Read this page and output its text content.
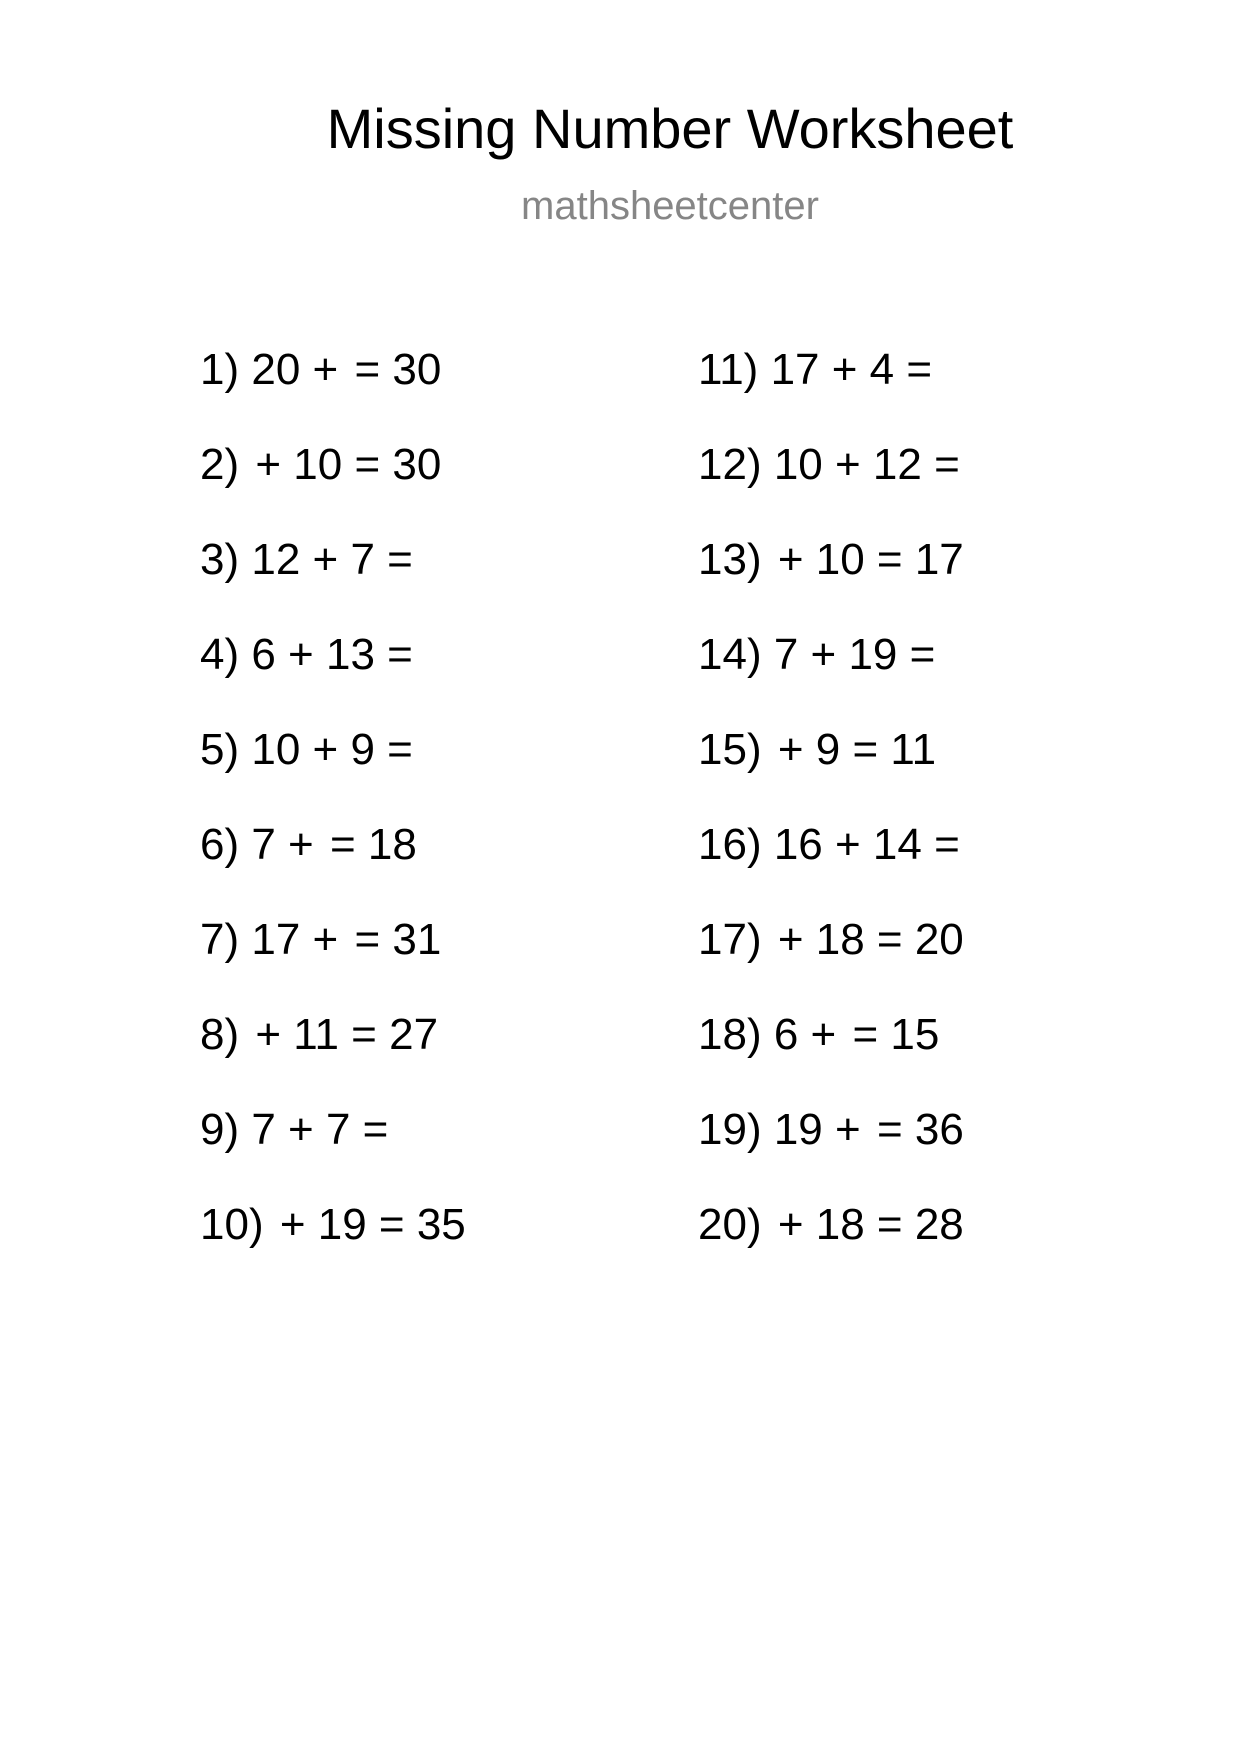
Missing Number Worksheet
mathsheetcenter
1) 20 + = 30
2) + 10 = 30
3) 12 + 7 =
4) 6 + 13 =
5) 10 + 9 =
6) 7 + = 18
7) 17 + = 31
8) + 11 = 27
9) 7 + 7 =
10) + 19 = 35
11) 17 + 4 =
12) 10 + 12 =
13) + 10 = 17
14) 7 + 19 =
15) + 9 = 11
16) 16 + 14 =
17) + 18 = 20
18) 6 + = 15
19) 19 + = 36
20) + 18 = 28
